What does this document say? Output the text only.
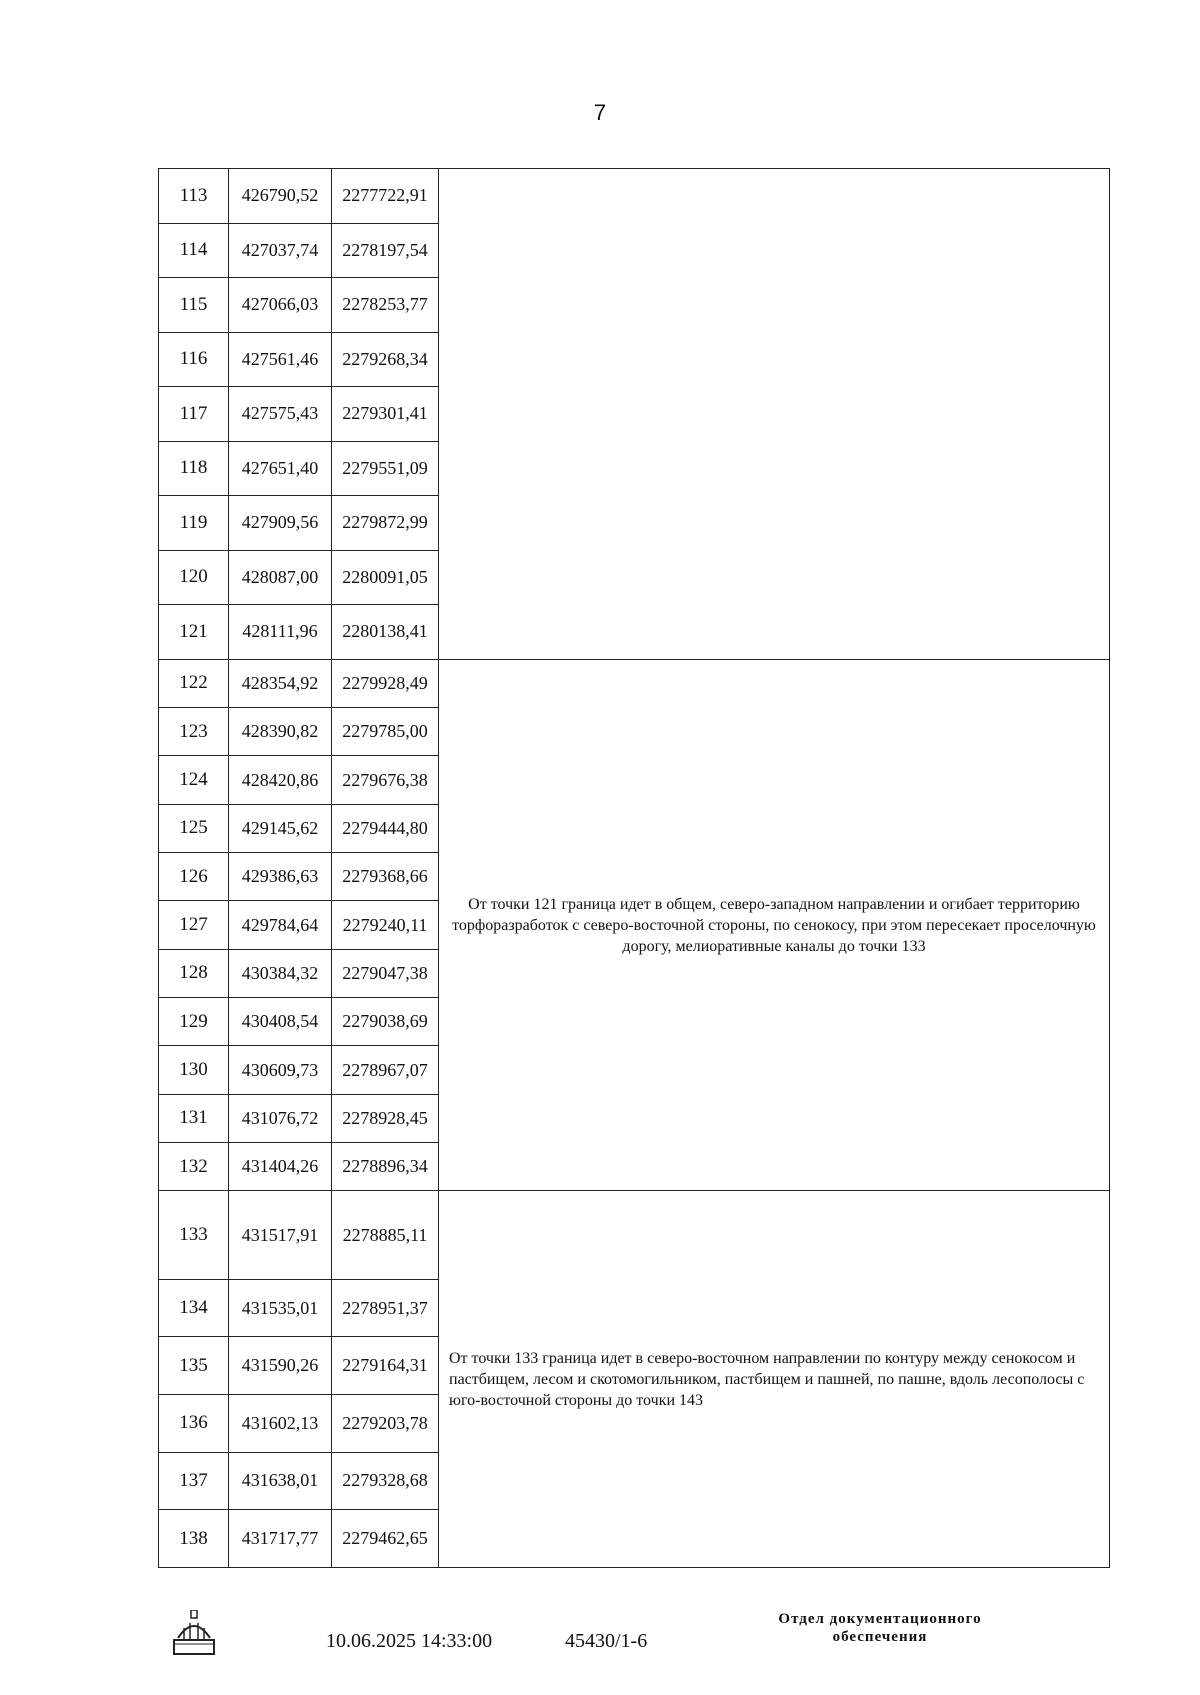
7
113	426790,52	2277722,91	
114	427037,74	2278197,54	
115	427066,03	2278253,77	
116	427561,46	2279268,34	
117	427575,43	2279301,41	
118	427651,40	2279551,09	
119	427909,56	2279872,99	
120	428087,00	2280091,05	
121	428111,96	2280138,41	
122	428354,92	2279928,49	От точки 121 граница идет в общем, северо-западном направлении и огибает территорию торфоразработок с северо-восточной стороны, по сенокосу, при этом пересекает проселочную дорогу, мелиоративные каналы до точки 133
123	428390,82	2279785,00	
124	428420,86	2279676,38	
125	429145,62	2279444,80	
126	429386,63	2279368,66	
127	429784,64	2279240,11	
128	430384,32	2279047,38	
129	430408,54	2279038,69	
130	430609,73	2278967,07	
131	431076,72	2278928,45	
132	431404,26	2278896,34	
133	431517,91	2278885,11	От точки 133 граница идет в северо-восточном направлении по контуру между сенокосом и пастбищем, лесом и скотомогильником, пастбищем и пашней, по пашне, вдоль лесополосы с юго-восточной стороны до точки 143
134	431535,01	2278951,37	
135	431590,26	2279164,31	
136	431602,13	2279203,78	
137	431638,01	2279328,68	
138	431717,77	2279462,65	
10.06.2025 14:33:00	45430/1-6
Отдел документационного
обеспечения
